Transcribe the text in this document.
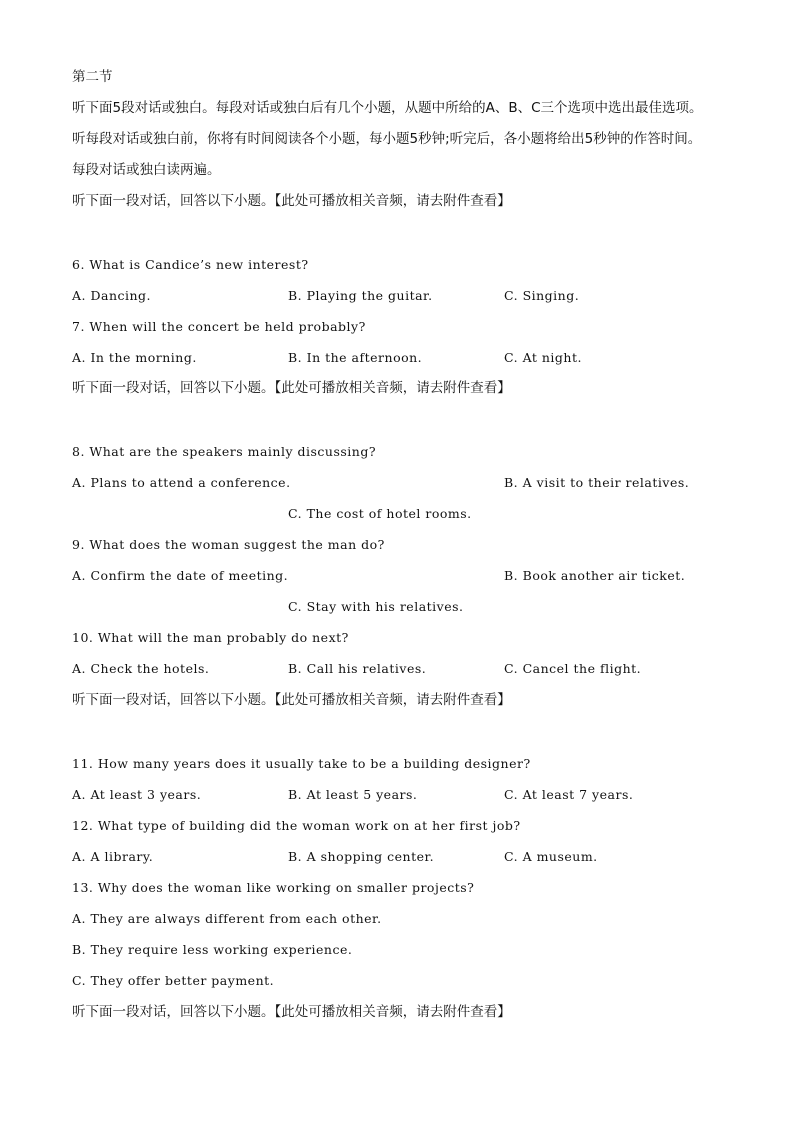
第二节
听下面5段对话或独白。每段对话或独白后有几个小题，从题中所给的A、B、C三个选项中选出最佳选项。
听每段对话或独白前，你将有时间阅读各个小题，每小题5秒钟;听完后，各小题将给出5秒钟的作答时间。
每段对话或独白读两遍。
听下面一段对话，回答以下小题。【此处可播放相关音频，请去附件查看】
6. What is Candice’s new interest?
A. Dancing.	B. Playing the guitar.	C. Singing.
7. When will the concert be held probably?
A. In the morning.	B. In the afternoon.	C. At night.
听下面一段对话，回答以下小题。【此处可播放相关音频，请去附件查看】
8. What are the speakers mainly discussing?
A. Plans to attend a conference.	B. A visit to their relatives.
C. The cost of hotel rooms.
9. What does the woman suggest the man do?
A. Confirm the date of meeting.	B. Book another air ticket.
C. Stay with his relatives.
10. What will the man probably do next?
A. Check the hotels.	B. Call his relatives.	C. Cancel the flight.
听下面一段对话，回答以下小题。【此处可播放相关音频，请去附件查看】
11. How many years does it usually take to be a building designer?
A. At least 3 years.	B. At least 5 years.	C. At least 7 years.
12. What type of building did the woman work on at her first job?
A. A library.	B. A shopping center.	C. A museum.
13. Why does the woman like working on smaller projects?
A. They are always different from each other.
B. They require less working experience.
C. They offer better payment.
听下面一段对话，回答以下小题。【此处可播放相关音频，请去附件查看】
